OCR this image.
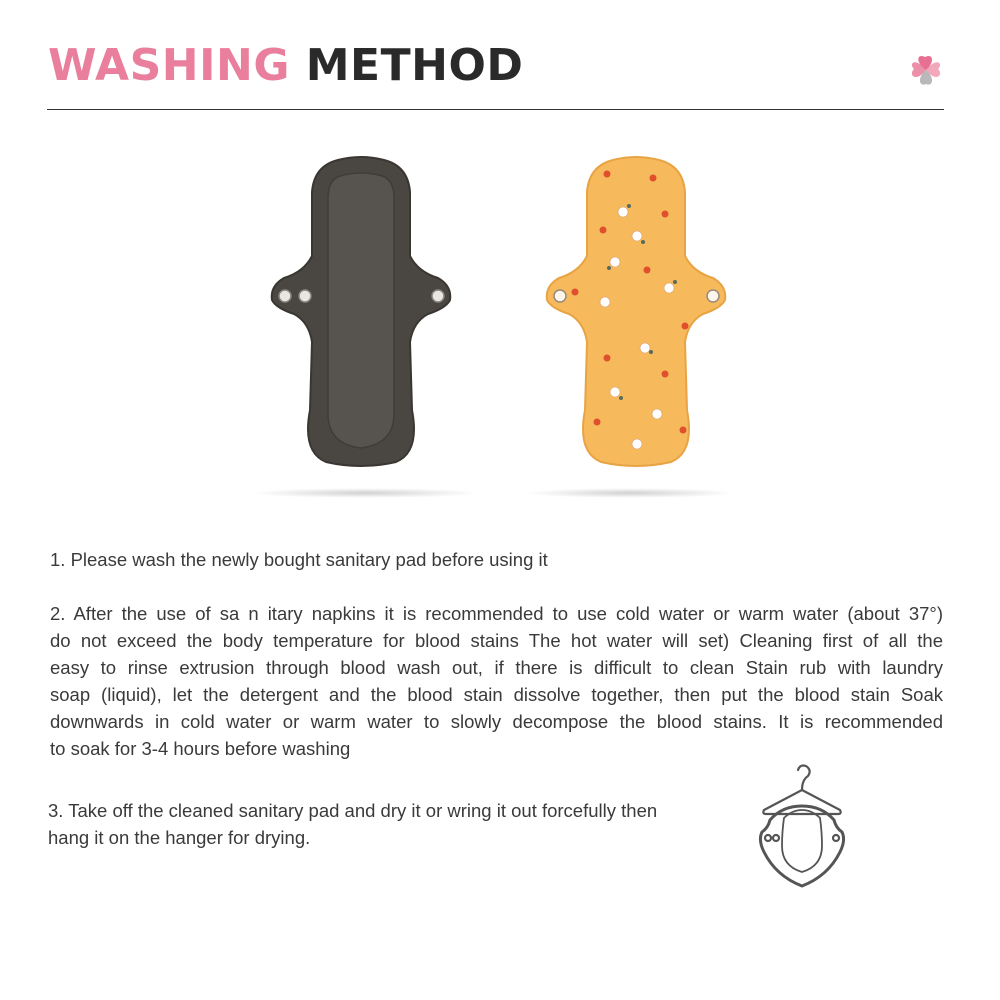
WASHING METHOD
1. Please wash the newly bought sanitary pad before using it
2. After the use of sa n itary napkins it is recommended to use cold water or warm water (about 37°)
do not exceed the body temperature for blood stains The hot water will set) Cleaning first of all the
easy to rinse extrusion through blood wash out, if there is difficult to clean Stain rub with laundry
soap (liquid), let the detergent and the blood stain dissolve together, then put the blood stain Soak
downwards in cold water or warm water to slowly decompose the blood stains. It is recommended
to soak for 3-4 hours before washing
3. Take off the cleaned sanitary pad and dry it or wring it out forcefully then
hang it on the hanger for drying.
